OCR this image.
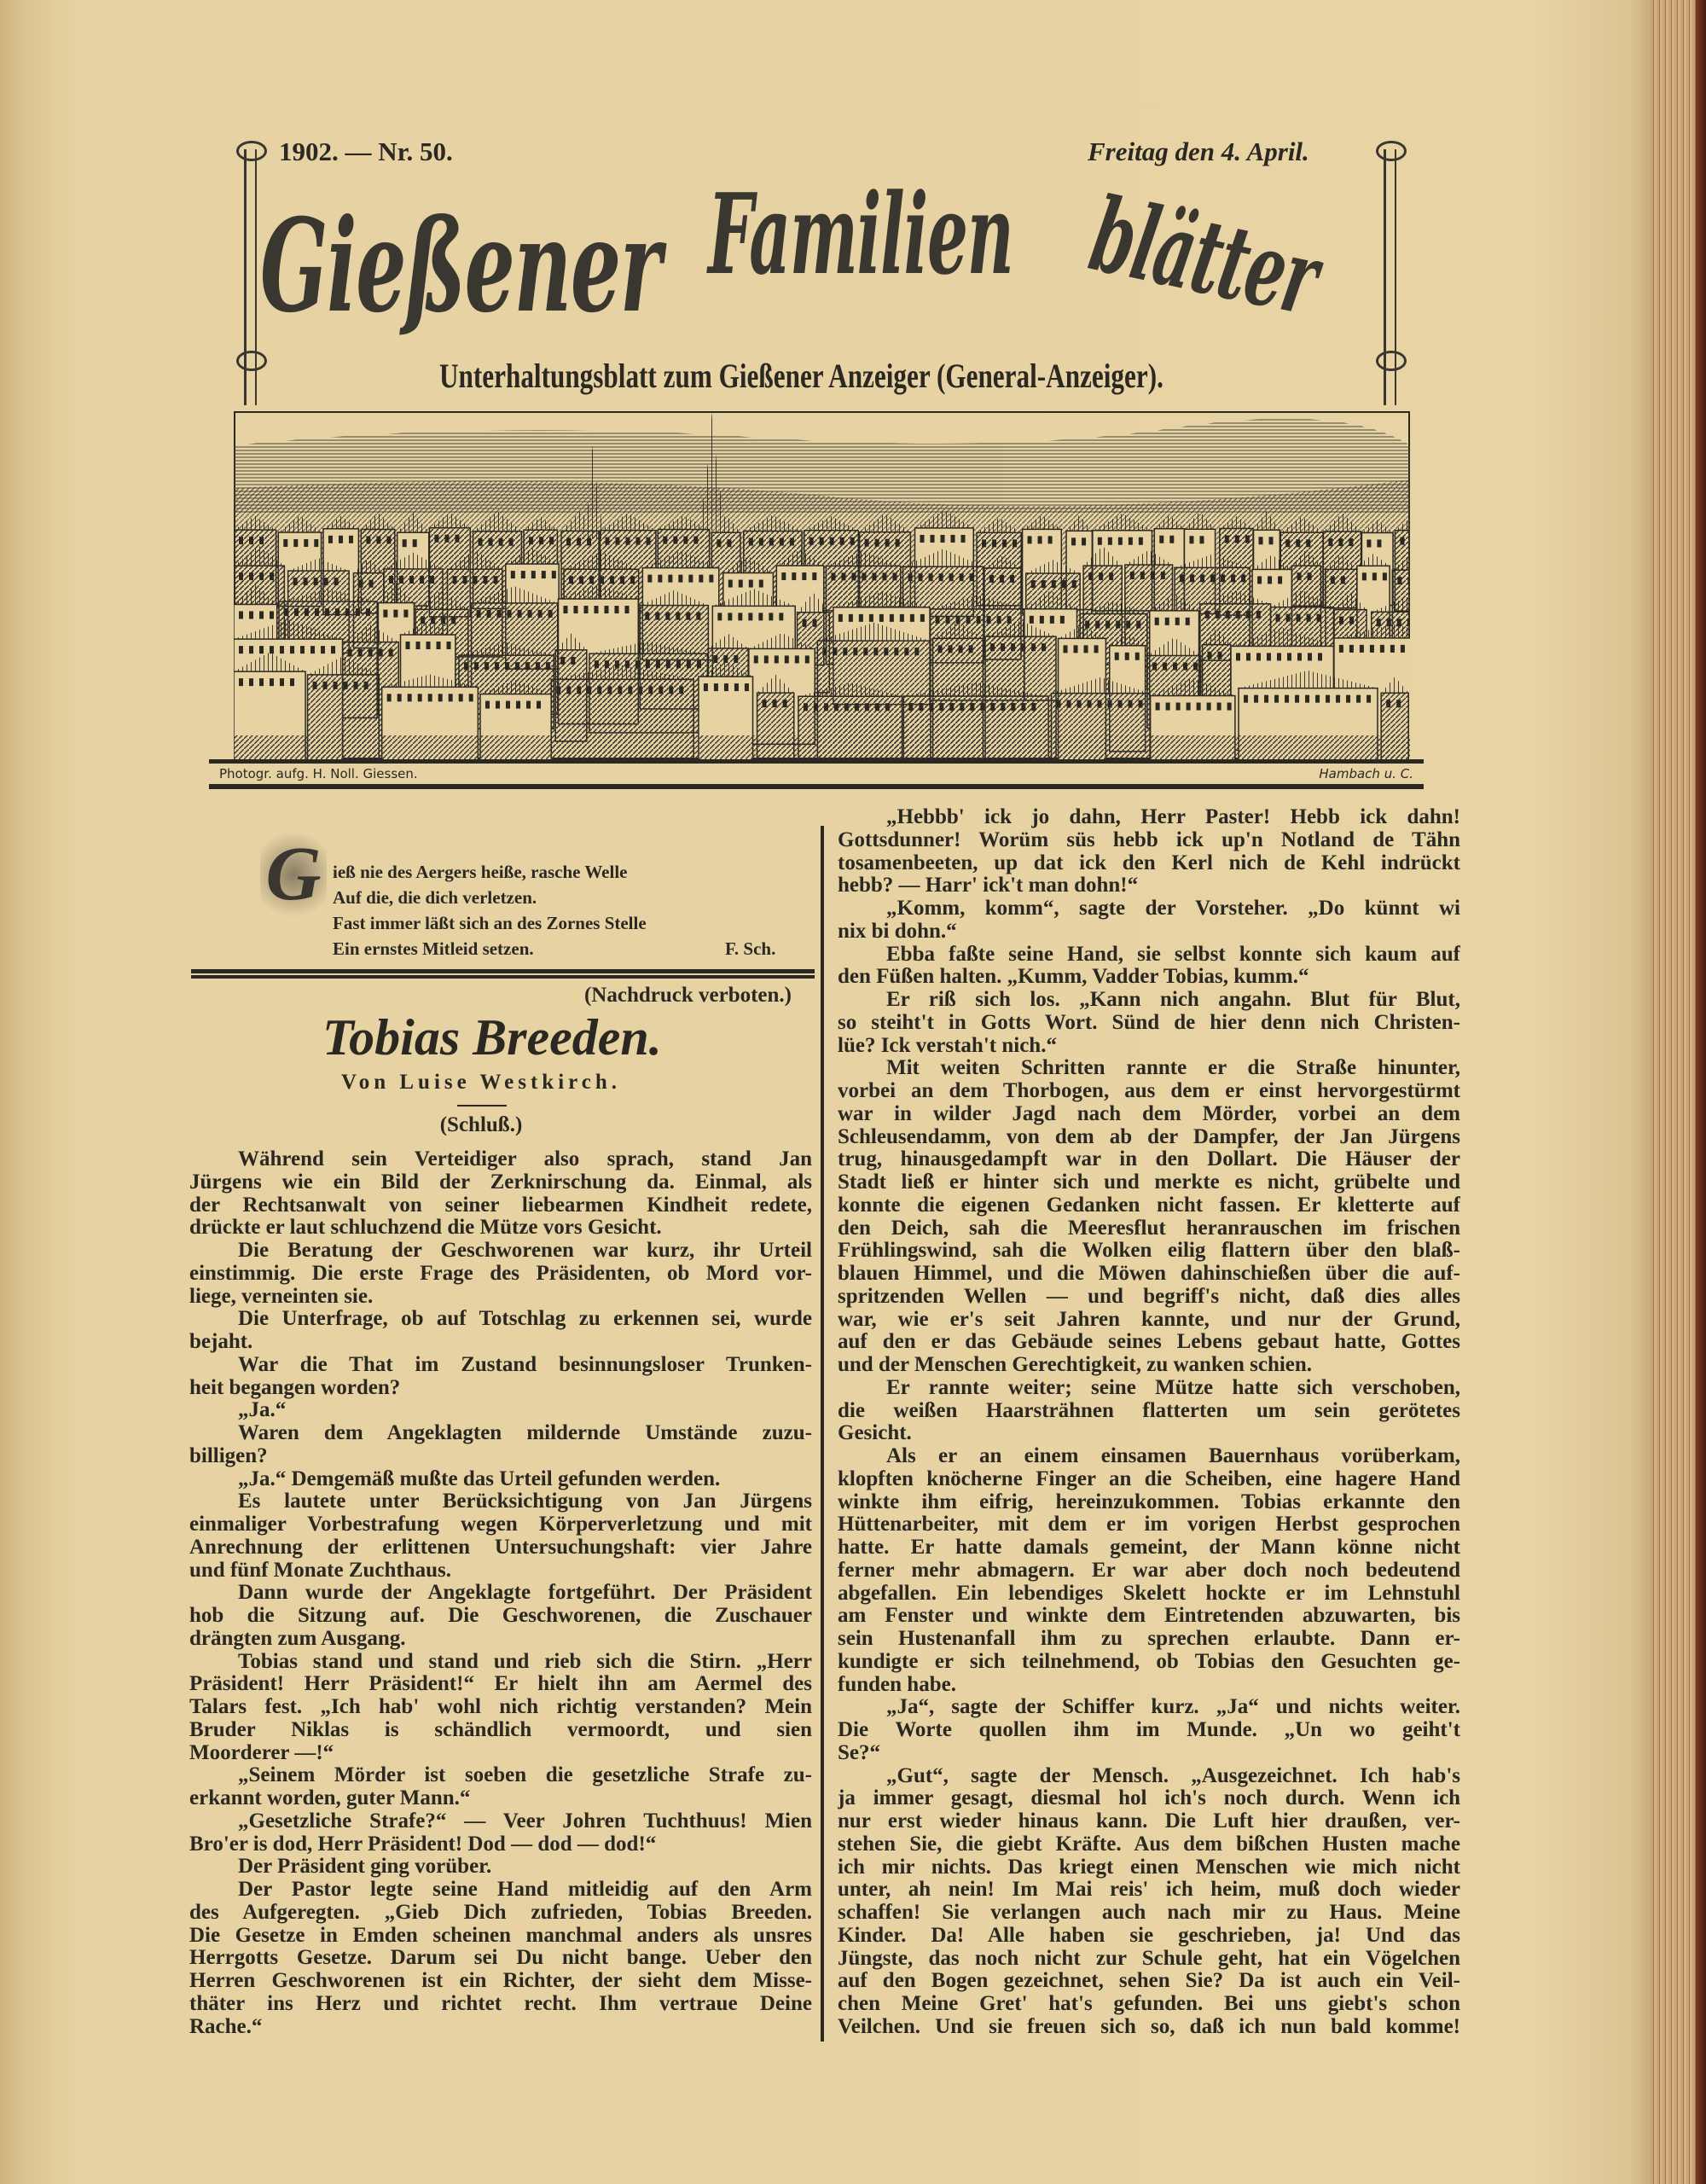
1902. — Nr. 50.	Freitag den 4. April.
Gießener Familien blätter
Unterhaltungsblatt zum Gießener Anzeiger (General-Anzeiger).
Photogr. aufg. H. Noll. Giessen.	Hambach u. C.
G ieß nie des Aergers heiße, rasche Welle
Auf die, die dich verletzen.
Fast immer läßt sich an des Zornes Stelle
Ein ernstes Mitleid setzen.	F. Sch.
(Nachdruck verboten.)
Tobias Breeden.
Von Luise Westkirch.
(Schluß.)
Während sein Verteidiger also sprach, stand Jan
Jürgens wie ein Bild der Zerknirschung da. Einmal, als
der Rechtsanwalt von seiner liebearmen Kindheit redete,
drückte er laut schluchzend die Mütze vors Gesicht.
Die Beratung der Geschworenen war kurz, ihr Urteil
einstimmig. Die erste Frage des Präsidenten, ob Mord vor-
liege, verneinten sie.
Die Unterfrage, ob auf Totschlag zu erkennen sei, wurde
bejaht.
War die That im Zustand besinnungsloser Trunken-
heit begangen worden?
„Ja.“
Waren dem Angeklagten mildernde Umstände zuzu-
billigen?
„Ja.“ Demgemäß mußte das Urteil gefunden werden.
Es lautete unter Berücksichtigung von Jan Jürgens
einmaliger Vorbestrafung wegen Körperverletzung und mit
Anrechnung der erlittenen Untersuchungshaft: vier Jahre
und fünf Monate Zuchthaus.
Dann wurde der Angeklagte fortgeführt. Der Präsident
hob die Sitzung auf. Die Geschworenen, die Zuschauer
drängten zum Ausgang.
Tobias stand und stand und rieb sich die Stirn. „Herr
Präsident! Herr Präsident!“ Er hielt ihn am Aermel des
Talars fest. „Ich hab' wohl nich richtig verstanden? Mein
Bruder Niklas is schändlich vermoordt, und sien
Moorderer —!“
„Seinem Mörder ist soeben die gesetzliche Strafe zu-
erkannt worden, guter Mann.“
„Gesetzliche Strafe?“ — Veer Johren Tuchthuus! Mien
Bro'er is dod, Herr Präsident! Dod — dod — dod!“
Der Präsident ging vorüber.
Der Pastor legte seine Hand mitleidig auf den Arm
des Aufgeregten. „Gieb Dich zufrieden, Tobias Breeden.
Die Gesetze in Emden scheinen manchmal anders als unsres
Herrgotts Gesetze. Darum sei Du nicht bange. Ueber den
Herren Geschworenen ist ein Richter, der sieht dem Misse-
thäter ins Herz und richtet recht. Ihm vertraue Deine
Rache.“
„Hebbb' ick jo dahn, Herr Paster! Hebb ick dahn!
Gottsdunner! Worüm süs hebb ick up'n Notland de Tähn
tosamenbeeten, up dat ick den Kerl nich de Kehl indrückt
hebb? — Harr' ick't man dohn!“
„Komm, komm“, sagte der Vorsteher. „Do künnt wi
nix bi dohn.“
Ebba faßte seine Hand, sie selbst konnte sich kaum auf
den Füßen halten. „Kumm, Vadder Tobias, kumm.“
Er riß sich los. „Kann nich angahn. Blut für Blut,
so steiht't in Gotts Wort. Sünd de hier denn nich Christen-
lüe? Ick verstah't nich.“
Mit weiten Schritten rannte er die Straße hinunter,
vorbei an dem Thorbogen, aus dem er einst hervorgestürmt
war in wilder Jagd nach dem Mörder, vorbei an dem
Schleusendamm, von dem ab der Dampfer, der Jan Jürgens
trug, hinausgedampft war in den Dollart. Die Häuser der
Stadt ließ er hinter sich und merkte es nicht, grübelte und
konnte die eigenen Gedanken nicht fassen. Er kletterte auf
den Deich, sah die Meeresflut heranrauschen im frischen
Frühlingswind, sah die Wolken eilig flattern über den blaß-
blauen Himmel, und die Möwen dahinschießen über die auf-
spritzenden Wellen — und begriff's nicht, daß dies alles
war, wie er's seit Jahren kannte, und nur der Grund,
auf den er das Gebäude seines Lebens gebaut hatte, Gottes
und der Menschen Gerechtigkeit, zu wanken schien.
Er rannte weiter; seine Mütze hatte sich verschoben,
die weißen Haarsträhnen flatterten um sein gerötetes
Gesicht.
Als er an einem einsamen Bauernhaus vorüberkam,
klopften knöcherne Finger an die Scheiben, eine hagere Hand
winkte ihm eifrig, hereinzukommen. Tobias erkannte den
Hüttenarbeiter, mit dem er im vorigen Herbst gesprochen
hatte. Er hatte damals gemeint, der Mann könne nicht
ferner mehr abmagern. Er war aber doch noch bedeutend
abgefallen. Ein lebendiges Skelett hockte er im Lehnstuhl
am Fenster und winkte dem Eintretenden abzuwarten, bis
sein Hustenanfall ihm zu sprechen erlaubte. Dann er-
kundigte er sich teilnehmend, ob Tobias den Gesuchten ge-
funden habe.
„Ja“, sagte der Schiffer kurz. „Ja“ und nichts weiter.
Die Worte quollen ihm im Munde. „Un wo geiht't
Se?“
„Gut“, sagte der Mensch. „Ausgezeichnet. Ich hab's
ja immer gesagt, diesmal hol ich's noch durch. Wenn ich
nur erst wieder hinaus kann. Die Luft hier draußen, ver-
stehen Sie, die giebt Kräfte. Aus dem bißchen Husten mache
ich mir nichts. Das kriegt einen Menschen wie mich nicht
unter, ah nein! Im Mai reis' ich heim, muß doch wieder
schaffen! Sie verlangen auch nach mir zu Haus. Meine
Kinder. Da! Alle haben sie geschrieben, ja! Und das
Jüngste, das noch nicht zur Schule geht, hat ein Vögelchen
auf den Bogen gezeichnet, sehen Sie? Da ist auch ein Veil-
chen Meine Gret' hat's gefunden. Bei uns giebt's schon
Veilchen. Und sie freuen sich so, daß ich nun bald komme!
